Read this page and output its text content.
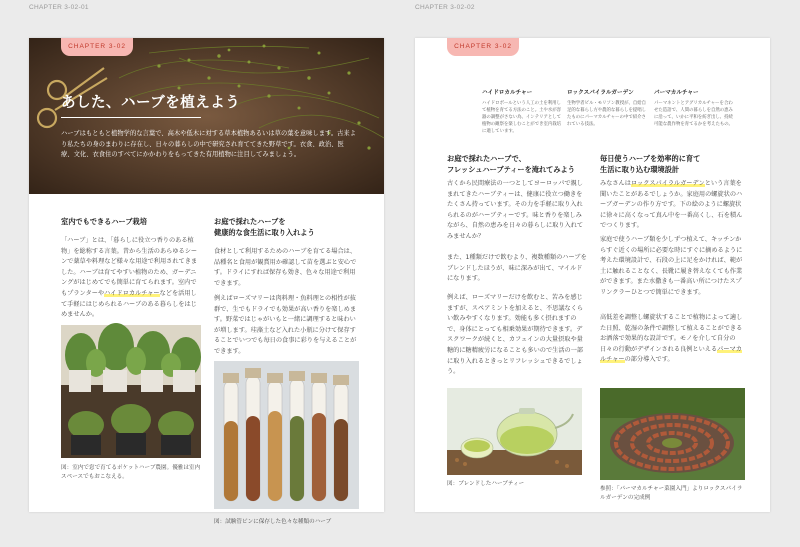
CHAPTER 3-02-01
CHAPTER 3-02
あした、ハーブを植えよう
ハーブはもともと植物学的な言葉で、高木や低木に対する草本植物あるいは草の葉を意味します。古来より私たちの身のまわりに存在し、日々の暮らしの中で研究され育ててきた野草です。衣食、政治、医療、文化、衣食住のすべてにかかわりをもってきた有用植物に注目してみましょう。
室内でもできるハーブ栽培
「ハーブ」とは、「暮らしに役立つ香りのある植物」を総称する言葉。昔から生活のあらゆるシーンで薬草や料理など様々な用途で利用されてきました。ハーブは育てやすい植物のため、ガーデニングがはじめてでも簡単に育てられます。室内でもプランターやハイドロカルチャーなどを活用して手軽にはじめられるハーブのある暮らしをはじめませんか。
図：室内で窓で育てるポケットハーブ農園。優雅は室内スペースでもおこなえる。
お庭で採れたハーブを
健康的な食生活に取り入れよう
食材として利用するためのハーブを育てる場合は、品種名と食用が観賞用か確認して苗を選ぶと安心です。ドライにすれば保存も効き、色々な用途で利用できます。
例えばローズマリーは肉料理・魚料理との相性が抜群で、生でもドライでも効果が高い香りを楽しめます。野菜ではじゃがいもと一緒に調理すると味わいが増します。珪藻土など入れた小瓶に分けて保存することでいつでも毎日の食事に彩りを与えることができます。
図：試験管ビンに保存した色々な種類のハーブ
CHAPTER 3-02-02
CHAPTER 3-02
ハイドロカルチャー
ハイドロボールという人工の土を利用して植物を育てる方法のこと。土や水が容器の調整がさない為、インテリアとして植物の観察を楽しむことができ室内栽培に適しています。
ロックスパイラルガーデン
生物学者ビル・モリソン教授が、自給自足的な暮らし方や農的な暮らしを提唱したものにパーマカルチャーの中で紹介されている技法。
パーマカルチャー
パーマネントとアグリカルチャーを合わせた造語で、人間の暮らしを自然の恵みに沿って、いかに平和を紡ぎ出し、持続可能な農作物を育てるかを考えたもの。
お庭で採れたハーブで、
フレッシュハーブティーを淹れてみよう
古くから民間療法の一つとしてヨーロッパで親しまれてきたハーブティーは、健康に役立つ働きをたくさん持っています。その力を手軽に取り入れられるのがハーブティーです。味と香りを楽しみながら、自然の恵みを日々の暮らしに取り入れてみませんか？
また、1種類だけで飲むより、複数種類のハーブをブレンドしたほうが、味に深みが出て、マイルドになります。
例えば、ローズマリーだけを飲むと、苦みを感じますが、スペアミントを加えると、不思議なくらい飲みやすくなります。効能も多く摂れますので、身体にとっても相乗効果が期待できます。デスクワークが続くと、カフェインの大量摂取や量糖的に糖精疲労になることも多いので生活の一部に取り入れるときっとリフレッシュできるでしょう。
図：ブレンドしたハーブティー
毎日使うハーブを効率的に育て
生活に取り込む環境設計
みなさんはロックスパイラルガーデンという言葉を聞いたことがあるでしょうか。家庭用の螺旋状のハーブガーデンの作り方です。下の絵のように螺旋状に徐々に高くなって真ん中を一番高くし、石を積んでつくります。
家庭で使うハーブ類を少しずつ植えて、キッチンからすぐ近くの場所に必要な時にすぐに摘めるように考えた環境設計で、石段の上に足をかければ、範が土に触れることなく、長靴に履き替えなくても作業ができます。また水撒きも一番高い所につけたスプリンクラーひとつで簡単にできます。
高低差を調整し螺旋状することで植物によって適した日照、乾湿の条件で調整して植えることができるお洒落で効果的な設計です。モノを介して自分の日々の行動がデザインされる良例といえるパーマカルチャーの部分導入です。
参照：「パーマカルチャー菜園入門」よりロックスパイラルガーデンの完成例
